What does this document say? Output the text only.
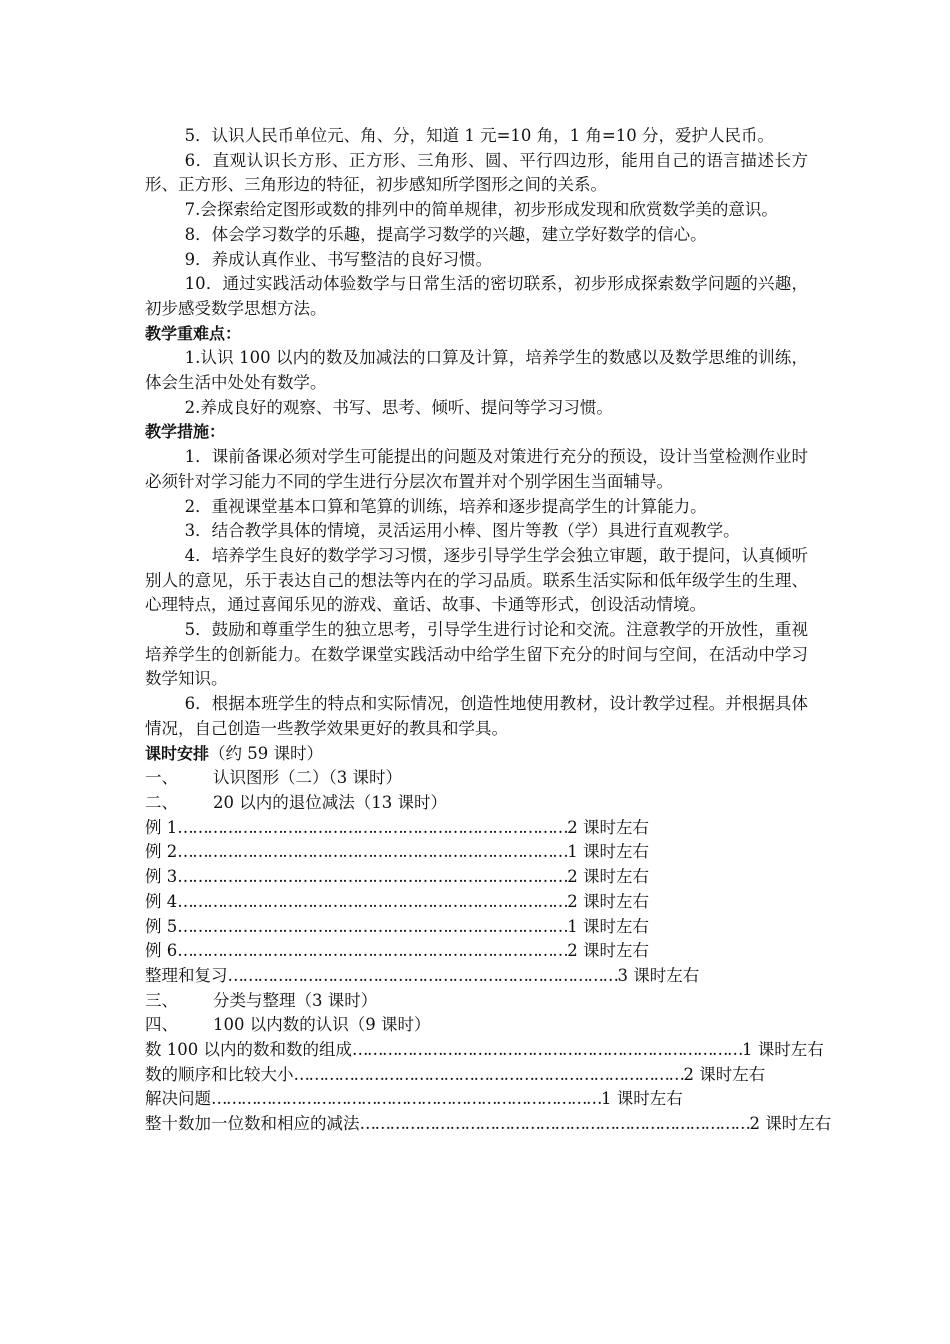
5．认识人民币单位元、角、分，知道 1 元=10 角，1 角=10 分，爱护人民币。

6．直观认识长方形、正方形、三角形、圆、平行四边形，能用自己的语言描述长方形、正方形、三角形边的特征，初步感知所学图形之间的关系。

7.会探索给定图形或数的排列中的简单规律，初步形成发现和欣赏数学美的意识。

8．体会学习数学的乐趣，提高学习数学的兴趣，建立学好数学的信心。

9．养成认真作业、书写整洁的良好习惯。

10．通过实践活动体验数学与日常生活的密切联系，初步形成探索数学问题的兴趣，初步感受数学思想方法。

教学重难点：

1.认识 100 以内的数及加减法的口算及计算，培养学生的数感以及数学思维的训练，体会生活中处处有数学。

2.养成良好的观察、书写、思考、倾听、提问等学习习惯。

教学措施：

1．课前备课必须对学生可能提出的问题及对策进行充分的预设，设计当堂检测作业时必须针对学习能力不同的学生进行分层次布置并对个别学困生当面辅导。

2．重视课堂基本口算和笔算的训练，培养和逐步提高学生的计算能力。

3．结合教学具体的情境，灵活运用小棒、图片等教（学）具进行直观教学。

4．培养学生良好的数学学习习惯，逐步引导学生学会独立审题，敢于提问，认真倾听别人的意见，乐于表达自己的想法等内在的学习品质。联系生活实际和低年级学生的生理、心理特点，通过喜闻乐见的游戏、童话、故事、卡通等形式，创设活动情境。

5．鼓励和尊重学生的独立思考，引导学生进行讨论和交流。注意教学的开放性，重视培养学生的创新能力。在数学课堂实践活动中给学生留下充分的时间与空间，在活动中学习数学知识。

6．根据本班学生的特点和实际情况，创造性地使用教材，设计教学过程。并根据具体情况，自己创造一些教学效果更好的教具和学具。

课时安排（约 59 课时）

一、	认识图形（二）（3 课时）

二、	20 以内的退位减法（13 课时）

例 1 …………………………………………………………………… 2 课时左右

例 2 …………………………………………………………………… 1 课时左右

例 3 …………………………………………………………………… 2 课时左右

例 4 …………………………………………………………………… 2 课时左右

例 5 …………………………………………………………………… 1 课时左右

例 6 …………………………………………………………………… 2 课时左右

整理和复习 …………………………………………………………………… 3 课时左右

三、	分类与整理（3 课时）

四、	100 以内数的认识（9 课时）

数 100 以内的数和数的组成 …………………………………………………………………… 1 课时左右

数的顺序和比较大小 …………………………………………………………………… 2 课时左右

解决问题 …………………………………………………………………… 1 课时左右

整十数加一位数和相应的减法 …………………………………………………………………… 2 课时左右
